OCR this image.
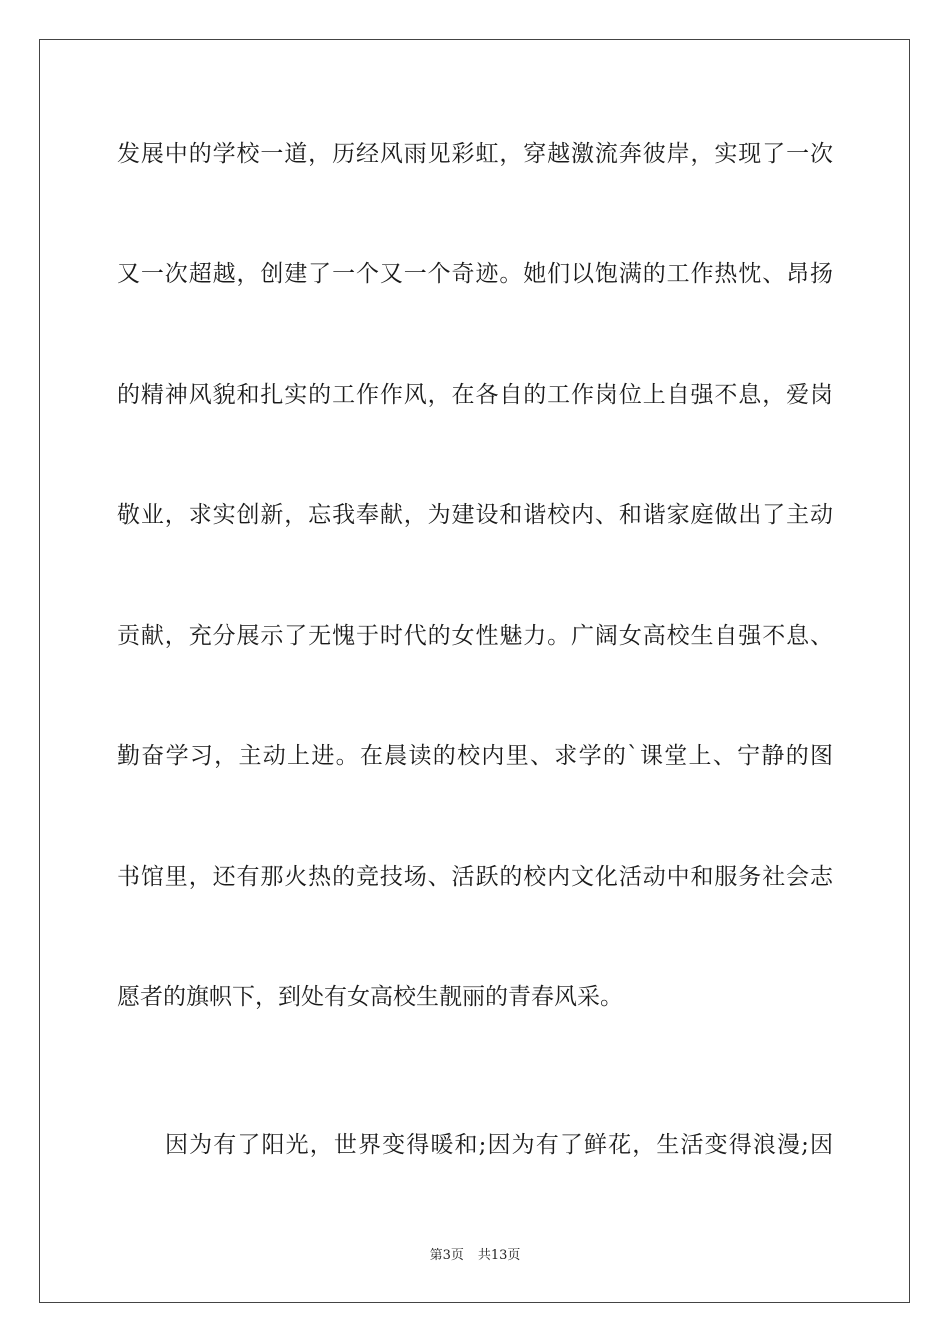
发展中的学校一道，历经风雨见彩虹，穿越激流奔彼岸，实现了一次
又一次超越，创建了一个又一个奇迹。她们以饱满的工作热忱、昂扬
的精神风貌和扎实的工作作风，在各自的工作岗位上自强不息，爱岗
敬业，求实创新，忘我奉献，为建设和谐校内、和谐家庭做出了主动
贡献，充分展示了无愧于时代的女性魅力。广阔女高校生自强不息、
勤奋学习，主动上进。在晨读的校内里、求学的`课堂上、宁静的图
书馆里，还有那火热的竞技场、活跃的校内文化活动中和服务社会志
愿者的旗帜下，到处有女高校生靓丽的青春风采。
因为有了阳光，世界变得暖和;因为有了鲜花，生活变得浪漫;因
第3页 共13页
